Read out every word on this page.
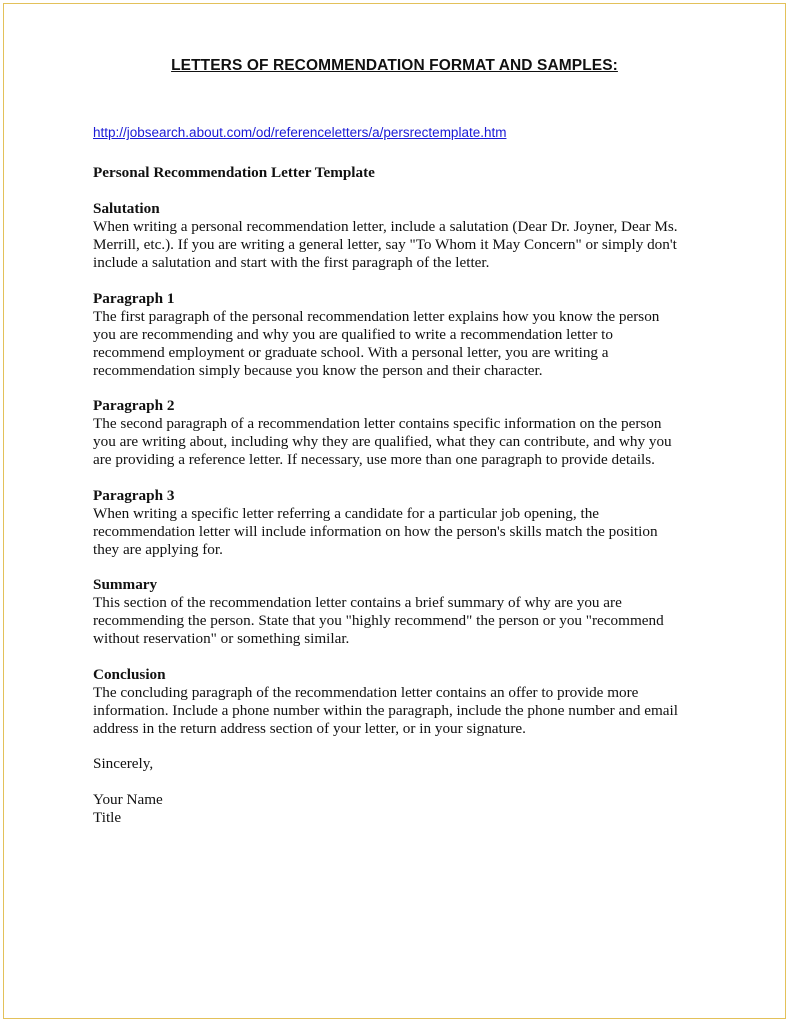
LETTERS OF RECOMMENDATION FORMAT AND SAMPLES:
http://jobsearch.about.com/od/referenceletters/a/persrectemplate.htm
Personal Recommendation Letter Template
Salutation
When writing a personal recommendation letter, include a salutation (Dear Dr. Joyner, Dear Ms.
Merrill, etc.). If you are writing a general letter, say "To Whom it May Concern" or simply don't
include a salutation and start with the first paragraph of the letter.
Paragraph 1
The first paragraph of the personal recommendation letter explains how you know the person
you are recommending and why you are qualified to write a recommendation letter to
recommend employment or graduate school. With a personal letter, you are writing a
recommendation simply because you know the person and their character.
Paragraph 2
The second paragraph of a recommendation letter contains specific information on the person
you are writing about, including why they are qualified, what they can contribute, and why you
are providing a reference letter. If necessary, use more than one paragraph to provide details.
Paragraph 3
When writing a specific letter referring a candidate for a particular job opening, the
recommendation letter will include information on how the person's skills match the position
they are applying for.
Summary
This section of the recommendation letter contains a brief summary of why are you are
recommending the person. State that you "highly recommend" the person or you "recommend
without reservation" or something similar.
Conclusion
The concluding paragraph of the recommendation letter contains an offer to provide more
information. Include a phone number within the paragraph, include the phone number and email
address in the return address section of your letter, or in your signature.
Sincerely,
Your Name
Title
